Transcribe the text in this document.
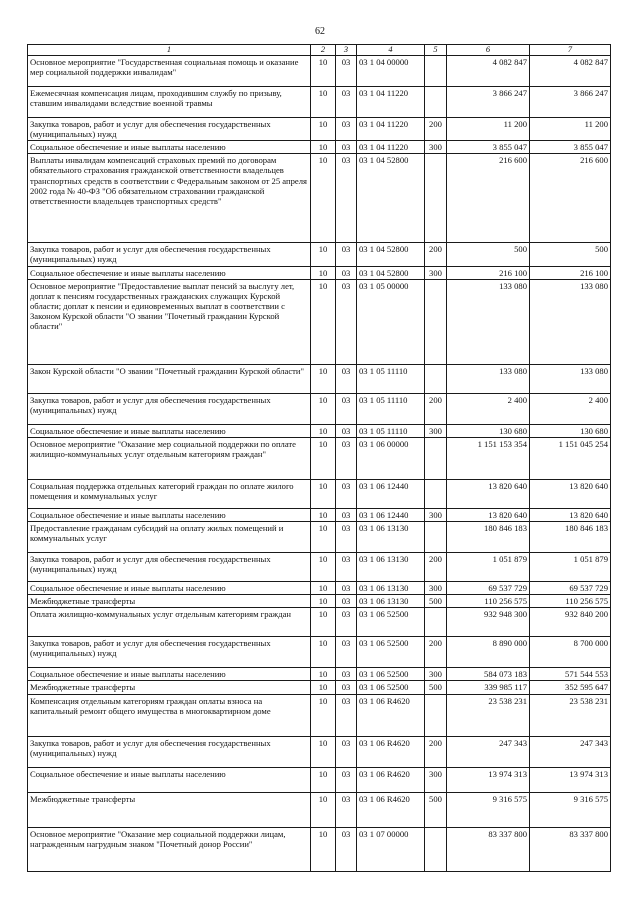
62
1	2	3	4	5	6	7
Основное мероприятие "Государственная социальная помощь и оказание мер социальной поддержки инвалидам"	10	03	03 1 04 00000		4 082 847	4 082 847
Ежемесячная компенсация лицам, проходившим службу по призыву, ставшим инвалидами вследствие военной травмы	10	03	03 1 04 11220		3 866 247	3 866 247
Закупка товаров, работ и услуг для обеспечения государственных (муниципальных) нужд	10	03	03 1 04 11220	200	11 200	11 200
Социальное обеспечение и иные выплаты населению	10	03	03 1 04 11220	300	3 855 047	3 855 047
Выплаты инвалидам компенсаций страховых премий по договорам обязательного страхования гражданской ответственности владельцев транспортных средств в соответствии с Федеральным законом от 25 апреля 2002 года № 40-ФЗ "Об обязательном страховании гражданской ответственности владельцев транспортных средств"	10	03	03 1 04 52800		216 600	216 600
Закупка товаров, работ и услуг для обеспечения государственных (муниципальных) нужд	10	03	03 1 04 52800	200	500	500
Социальное обеспечение и иные выплаты населению	10	03	03 1 04 52800	300	216 100	216 100
Основное мероприятие "Предоставление выплат пенсий за выслугу лет, доплат к пенсиям государственных гражданских служащих Курской области; доплат к пенсии и единовременных выплат в соответствии с Законом Курской области "О звании "Почетный гражданин Курской области"	10	03	03 1 05 00000		133 080	133 080
Закон Курской области "О звании "Почетный гражданин Курской области"	10	03	03 1 05 11110		133 080	133 080
Закупка товаров, работ и услуг для обеспечения государственных (муниципальных) нужд	10	03	03 1 05 11110	200	2 400	2 400
Социальное обеспечение и иные выплаты населению	10	03	03 1 05 11110	300	130 680	130 680
Основное мероприятие "Оказание мер социальной поддержки по оплате жилищно-коммунальных услуг отдельным категориям граждан"	10	03	03 1 06 00000		1 151 153 354	1 151 045 254
Социальная поддержка отдельных категорий граждан по оплате жилого помещения и коммунальных услуг	10	03	03 1 06 12440		13 820 640	13 820 640
Социальное обеспечение и иные выплаты населению	10	03	03 1 06 12440	300	13 820 640	13 820 640
Предоставление гражданам субсидий на оплату жилых помещений и коммунальных услуг	10	03	03 1 06 13130		180 846 183	180 846 183
Закупка товаров, работ и услуг для обеспечения государственных (муниципальных) нужд	10	03	03 1 06 13130	200	1 051 879	1 051 879
Социальное обеспечение и иные выплаты населению	10	03	03 1 06 13130	300	69 537 729	69 537 729
Межбюджетные трансферты	10	03	03 1 06 13130	500	110 256 575	110 256 575
Оплата жилищно-коммунальных услуг отдельным категориям граждан	10	03	03 1 06 52500		932 948 300	932 840 200
Закупка товаров, работ и услуг для обеспечения государственных (муниципальных) нужд	10	03	03 1 06 52500	200	8 890 000	8 700 000
Социальное обеспечение и иные выплаты населению	10	03	03 1 06 52500	300	584 073 183	571 544 553
Межбюджетные трансферты	10	03	03 1 06 52500	500	339 985 117	352 595 647
Компенсация отдельным категориям граждан оплаты взноса на капитальный ремонт общего имущества в многоквартирном доме	10	03	03 1 06 R4620		23 538 231	23 538 231
Закупка товаров, работ и услуг для обеспечения государственных (муниципальных) нужд	10	03	03 1 06 R4620	200	247 343	247 343
Социальное обеспечение и иные выплаты населению	10	03	03 1 06 R4620	300	13 974 313	13 974 313
Межбюджетные трансферты	10	03	03 1 06 R4620	500	9 316 575	9 316 575
Основное мероприятие "Оказание мер социальной поддержки лицам, награжденным нагрудным знаком "Почетный донор России"	10	03	03 1 07 00000		83 337 800	83 337 800
